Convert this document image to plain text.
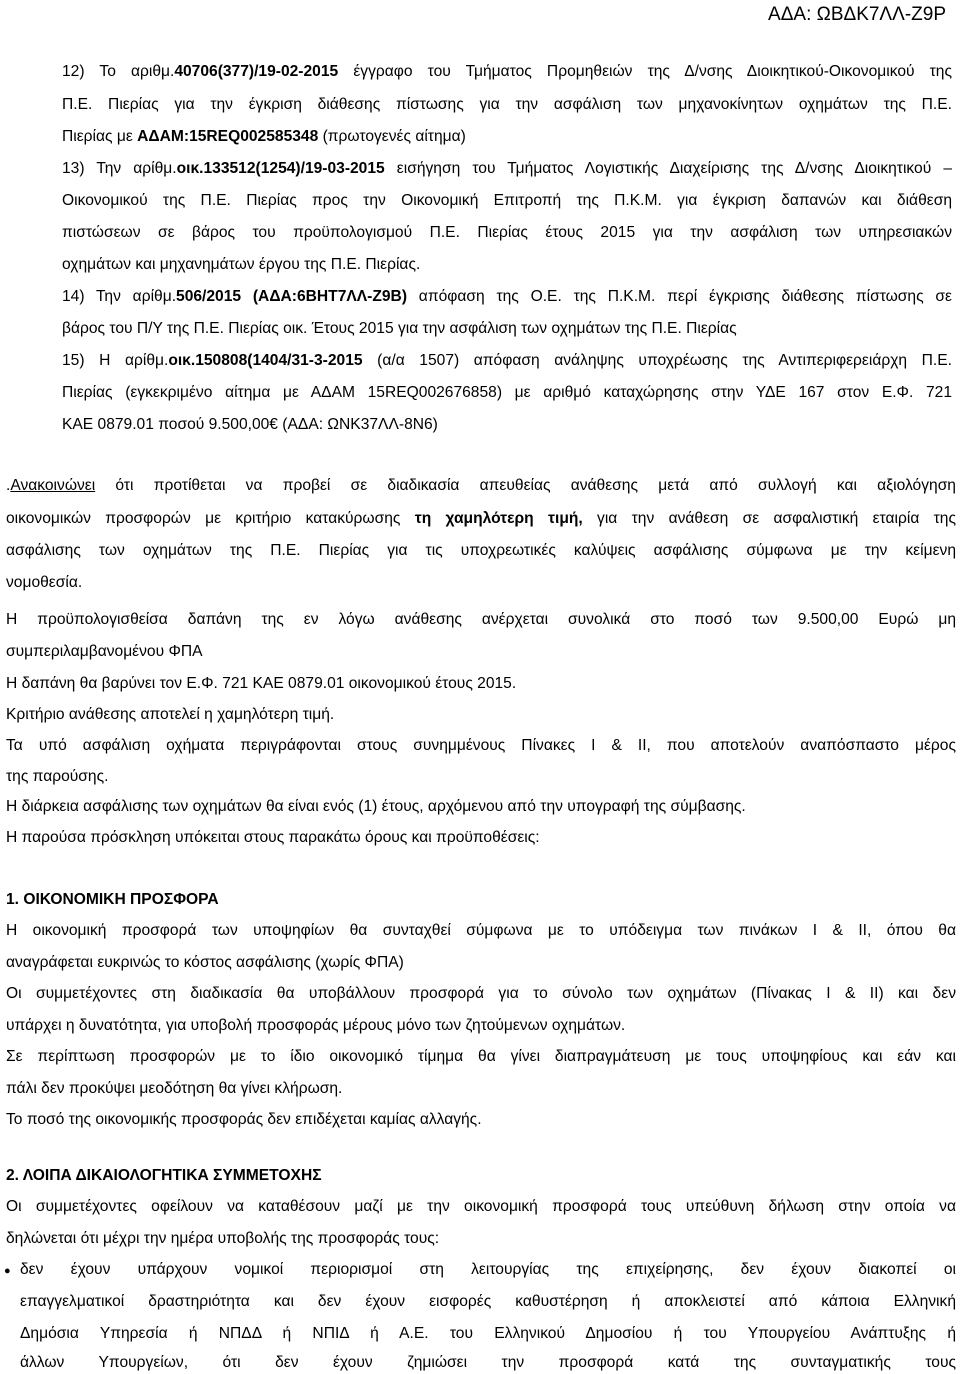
ΑΔΑ: ΩΒΔΚ7ΛΛ-Ζ9Ρ
12) Το αριθμ.40706(377)/19-02-2015 έγγραφο του Τμήματος Προμηθειών της Δ/νσης Διοικητικού-Οικονομικού της
Π.Ε. Πιερίας για την έγκριση διάθεσης πίστωσης για την ασφάλιση των μηχανοκίνητων οχημάτων της Π.Ε.
Πιερίας με ΑΔΑΜ:15REQ002585348 (πρωτογενές αίτημα)
13) Την αρίθμ.οικ.133512(1254)/19-03-2015 εισήγηση του Τμήματος Λογιστικής Διαχείρισης της Δ/νσης Διοικητικού –
Οικονομικού της Π.Ε. Πιερίας προς την Οικονομική Επιτροπή της Π.Κ.Μ. για έγκριση δαπανών και διάθεση
πιστώσεων σε βάρος του προϋπολογισμού Π.Ε. Πιερίας έτους 2015 για την ασφάλιση των υπηρεσιακών
οχημάτων και μηχανημάτων έργου της Π.Ε. Πιερίας.
14) Την αρίθμ.506/2015 (ΑΔΑ:6ΒΗΤ7ΛΛ-Ζ9Β) απόφαση της Ο.Ε. της Π.Κ.Μ. περί έγκρισης διάθεσης πίστωσης σε
βάρος του Π/Υ της Π.Ε. Πιερίας οικ. Έτους 2015 για την ασφάλιση των οχημάτων της Π.Ε. Πιερίας
15) Η αρίθμ.οικ.150808(1404/31-3-2015 (α/α 1507) απόφαση ανάληψης υποχρέωσης της Αντιπεριφερειάρχη Π.Ε.
Πιερίας (εγκεκριμένο αίτημα με ΑΔΑΜ 15REQ002676858) με αριθμό καταχώρησης στην ΥΔΕ 167 στον Ε.Φ. 721
ΚΑΕ 0879.01 ποσού 9.500,00€ (ΑΔΑ: ΩΝΚ37ΛΛ-8Ν6)
.Ανακοινώνει ότι προτίθεται να προβεί σε διαδικασία απευθείας ανάθεσης μετά από συλλογή και αξιολόγηση
οικονομικών προσφορών με κριτήριο κατακύρωσης τη χαμηλότερη τιμή, για την ανάθεση σε ασφαλιστική εταιρία της
ασφάλισης των οχημάτων της Π.Ε. Πιερίας για τις υποχρεωτικές καλύψεις ασφάλισης σύμφωνα με την κείμενη
νομοθεσία.
Η προϋπολογισθείσα δαπάνη της εν λόγω ανάθεσης ανέρχεται συνολικά στο ποσό των 9.500,00 Ευρώ μη
συμπεριλαμβανομένου ΦΠΑ
Η δαπάνη θα βαρύνει τον Ε.Φ. 721 ΚΑΕ 0879.01 οικονομικού έτους 2015.
Κριτήριο ανάθεσης αποτελεί η χαμηλότερη τιμή.
Τα υπό ασφάλιση οχήματα περιγράφονται στους συνημμένους Πίνακες Ι & ΙΙ, που αποτελούν αναπόσπαστο μέρος
της παρούσης.
Η διάρκεια ασφάλισης των οχημάτων θα είναι ενός (1) έτους, αρχόμενου από την υπογραφή της σύμβασης.
Η παρούσα πρόσκληση υπόκειται στους παρακάτω όρους και προϋποθέσεις:
1. ΟΙΚΟΝΟΜΙΚΗ ΠΡΟΣΦΟΡΑ
Η οικονομική προσφορά των υποψηφίων θα συνταχθεί σύμφωνα με το υπόδειγμα των πινάκων Ι & ΙΙ, όπου θα
αναγράφεται ευκρινώς το κόστος ασφάλισης (χωρίς ΦΠΑ)
Οι συμμετέχοντες στη διαδικασία θα υποβάλλουν προσφορά για το σύνολο των οχημάτων (Πίνακας Ι & ΙΙ) και δεν
υπάρχει η δυνατότητα, για υποβολή προσφοράς μέρους μόνο των ζητούμενων οχημάτων.
Σε περίπτωση προσφορών με το ίδιο οικονομικό τίμημα θα γίνει διαπραγμάτευση με τους υποψηφίους και εάν και
πάλι δεν προκύψει μεοδότηση θα γίνει κλήρωση.
Το ποσό της οικονομικής προσφοράς δεν επιδέχεται καμίας αλλαγής.
2. ΛΟΙΠΑ ΔΙΚΑΙΟΛΟΓΗΤΙΚΑ ΣΥΜΜΕΤΟΧΗΣ
Οι συμμετέχοντες οφείλουν να καταθέσουν μαζί με την οικονομική προσφορά τους υπεύθυνη δήλωση στην οποία να
δηλώνεται ότι μέχρι την ημέρα υποβολής της προσφοράς τους:
● δεν έχουν υπάρχουν νομικοί περιορισμοί στη λειτουργίας της επιχείρησης, δεν έχουν διακοπεί οι
επαγγελματικοί δραστηριότητα και δεν έχουν εισφορές καθυστέρηση ή αποκλειστεί από κάποια Ελληνική
Δημόσια Υπηρεσία ή ΝΠΔΔ ή ΝΠΙΔ ή Α.Ε. του Ελληνικού Δημοσίου ή του Υπουργείου Ανάπτυξης ή
άλλων Υπουργείων, ότι δεν έχουν ζημιώσει την προσφορά κατά της συνταγματικής τους
